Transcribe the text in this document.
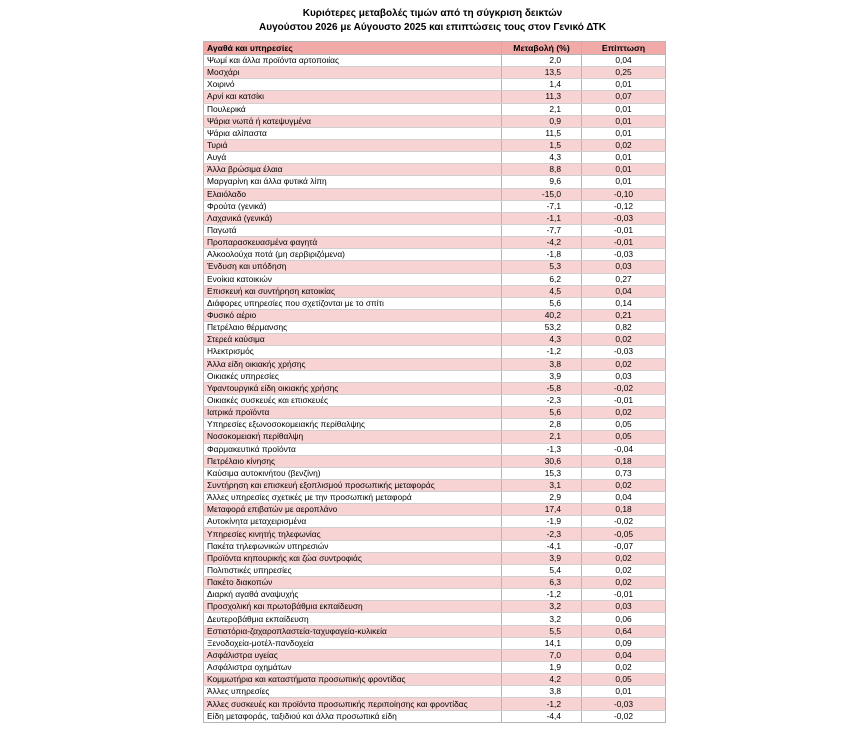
Κυριότερες μεταβολές τιμών από τη σύγκριση δεικτών
Αυγούστου 2026 με Αύγουστο 2025 και επιπτώσεις τους στον Γενικό ΔΤΚ
Αγαθά και υπηρεσίες	Μεταβολή (%)	Επίπτωση
Ψωμί και άλλα προϊόντα αρτοποιίας	2,0	0,04
Μοσχάρι	13,5	0,25
Χοιρινό	1,4	0,01
Αρνί και κατσίκι	11,3	0,07
Πουλερικά	2,1	0,01
Ψάρια νωπά ή κατεψυγμένα	0,9	0,01
Ψάρια αλίπαστα	11,5	0,01
Τυριά	1,5	0,02
Αυγά	4,3	0,01
Άλλα βρώσιμα έλαια	8,8	0,01
Μαργαρίνη και άλλα φυτικά λίπη	9,6	0,01
Ελαιόλαδο	-15,0	-0,10
Φρούτα (γενικά)	-7,1	-0,12
Λαχανικά (γενικά)	-1,1	-0,03
Παγωτά	-7,7	-0,01
Προπαρασκευασμένα φαγητά	-4,2	-0,01
Αλκοολούχα ποτά (μη σερβιριζόμενα)	-1,8	-0,03
Ένδυση και υπόδηση	5,3	0,03
Ενοίκια κατοικιών	6,2	0,27
Επισκευή και συντήρηση κατοικίας	4,5	0,04
Διάφορες υπηρεσίες που σχετίζονται με το σπίτι	5,6	0,14
Φυσικό αέριο	40,2	0,21
Πετρέλαιο θέρμανσης	53,2	0,82
Στερεά καύσιμα	4,3	0,02
Ηλεκτρισμός	-1,2	-0,03
Άλλα είδη οικιακής χρήσης	3,8	0,02
Οικιακές υπηρεσίες	3,9	0,03
Υφαντουργικά είδη οικιακής χρήσης	-5,8	-0,02
Οικιακές συσκευές και επισκευές	-2,3	-0,01
Ιατρικά προϊόντα	5,6	0,02
Υπηρεσίες εξωνοσοκομειακής περίθαλψης	2,8	0,05
Νοσοκομειακή περίθαλψη	2,1	0,05
Φαρμακευτικά προϊόντα	-1,3	-0,04
Πετρέλαιο κίνησης	30,6	0,18
Καύσιμα αυτοκινήτου (βενζίνη)	15,3	0,73
Συντήρηση και επισκευή εξοπλισμού προσωπικής μεταφοράς	3,1	0,02
Άλλες υπηρεσίες σχετικές με την προσωπική μεταφορά	2,9	0,04
Μεταφορά επιβατών με αεροπλάνο	17,4	0,18
Αυτοκίνητα μεταχειρισμένα	-1,9	-0,02
Υπηρεσίες κινητής τηλεφωνίας	-2,3	-0,05
Πακέτα τηλεφωνικών υπηρεσιών	-4,1	-0,07
Προϊόντα κηπουρικής και ζώα συντροφιάς	3,9	0,02
Πολιτιστικές υπηρεσίες	5,4	0,02
Πακέτο διακοπών	6,3	0,02
Διαρκή αγαθά αναψυχής	-1,2	-0,01
Προσχολική και πρωτοβάθμια εκπαίδευση	3,2	0,03
Δευτεροβάθμια εκπαίδευση	3,2	0,06
Εστιατόρια-ζαχαροπλαστεία-ταχυφαγεία-κυλικεία	5,5	0,64
Ξενοδοχεία-μοτέλ-πανδοχεία	14,1	0,09
Ασφάλιστρα υγείας	7,0	0,04
Ασφάλιστρα οχημάτων	1,9	0,02
Κομμωτήρια και καταστήματα προσωπικής φροντίδας	4,2	0,05
Άλλες υπηρεσίες	3,8	0,01
Άλλες συσκευές και προϊόντα προσωπικής περιποίησης και φροντίδας	-1,2	-0,03
Είδη μεταφοράς, ταξιδιού και άλλα προσωπικά είδη	-4,4	-0,02
